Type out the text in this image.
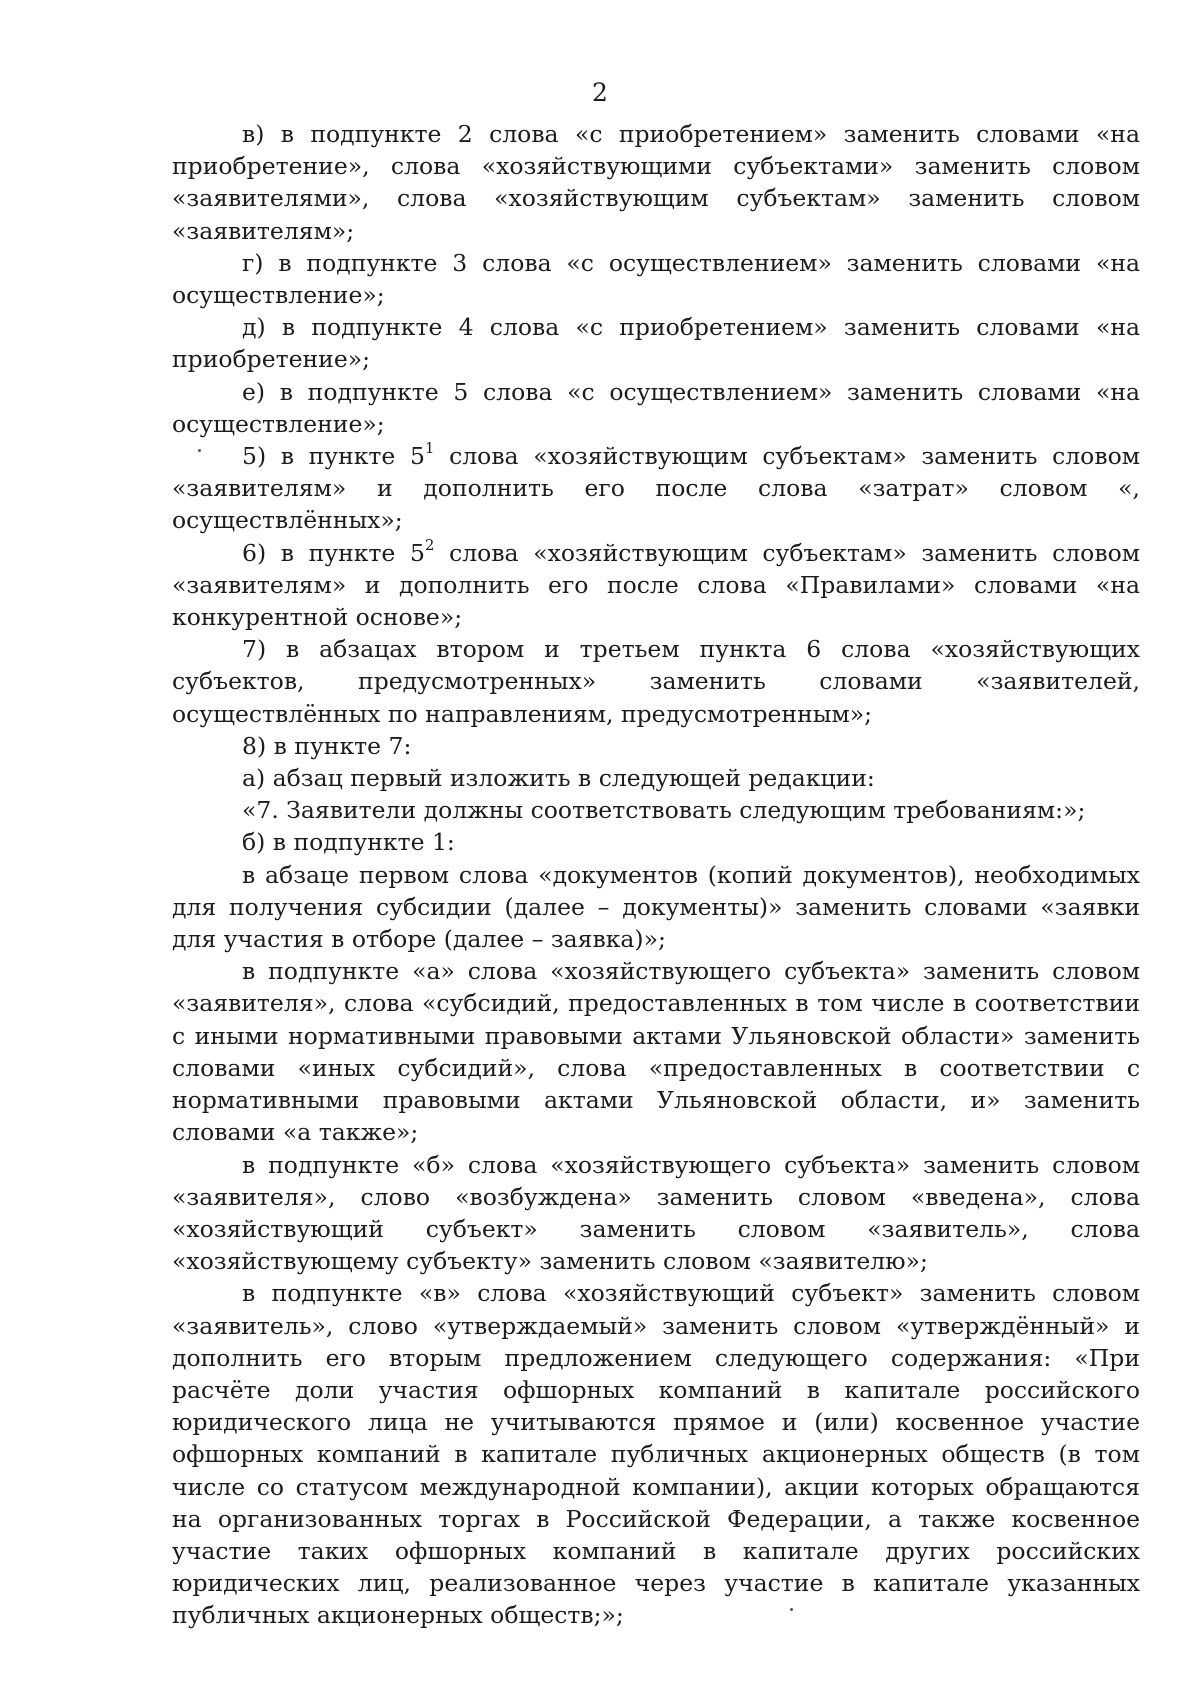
2

в) в подпункте 2 слова «с приобретением» заменить словами «на приобретение», слова «хозяйствующими субъектами» заменить словом «заявителями», слова «хозяйствующим субъектам» заменить словом «заявителям»;

г) в подпункте 3 слова «с осуществлением» заменить словами «на осуществление»;

д) в подпункте 4 слова «с приобретением» заменить словами «на приобретение»;

е) в подпункте 5 слова «с осуществлением» заменить словами «на осуществление»;

5) в пункте $5^1$ слова «хозяйствующим субъектам» заменить словом «заявителям» и дополнить его после слова «затрат» словом «, осуществлённых»;

6) в пункте $5^2$ слова «хозяйствующим субъектам» заменить словом «заявителям» и дополнить его после слова «Правилами» словами «на конкурентной основе»;

7) в абзацах втором и третьем пункта 6 слова «хозяйствующих субъектов, предусмотренных» заменить словами «заявителей, осуществлённых по направлениям, предусмотренным»;

8) в пункте 7:

а) абзац первый изложить в следующей редакции:

«7. Заявители должны соответствовать следующим требованиям:»;

б) в подпункте 1:

в абзаце первом слова «документов (копий документов), необходимых для получения субсидии (далее – документы)» заменить словами «заявки для участия в отборе (далее – заявка)»;

в подпункте «а» слова «хозяйствующего субъекта» заменить словом «заявителя», слова «субсидий, предоставленных в том числе в соответствии с иными нормативными правовыми актами Ульяновской области» заменить словами «иных субсидий», слова «предоставленных в соответствии с нормативными правовыми актами Ульяновской области, и» заменить словами «а также»;

в подпункте «б» слова «хозяйствующего субъекта» заменить словом «заявителя», слово «возбуждена» заменить словом «введена», слова «хозяйствующий субъект» заменить словом «заявитель», слова «хозяйствующему субъекту» заменить словом «заявителю»;

в подпункте «в» слова «хозяйствующий субъект» заменить словом «заявитель», слово «утверждаемый» заменить словом «утверждённый» и дополнить его вторым предложением следующего содержания: «При расчёте доли участия офшорных компаний в капитале российского юридического лица не учитываются прямое и (или) косвенное участие офшорных компаний в капитале публичных акционерных обществ (в том числе со статусом международной компании), акции которых обращаются на организованных торгах в Российской Федерации, а также косвенное участие таких офшорных компаний в капитале других российских юридических лиц, реализованное через участие в капитале указанных публичных акционерных обществ;»;
